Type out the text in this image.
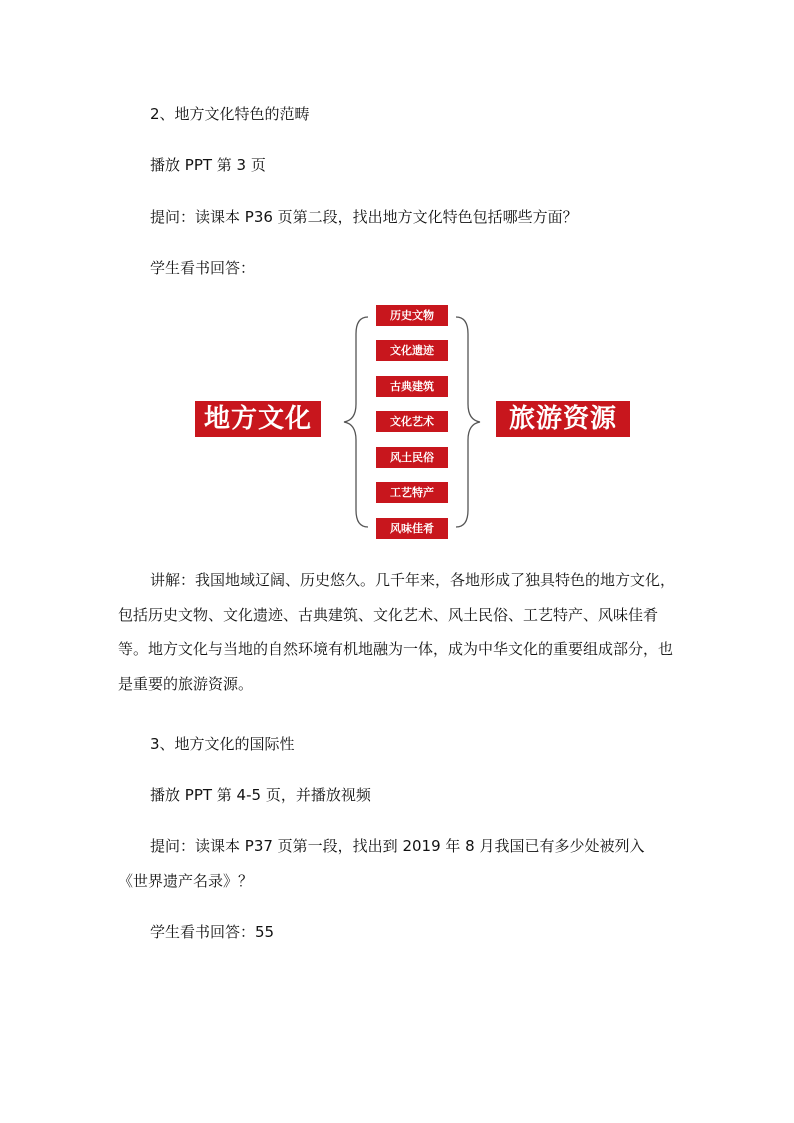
2、地方文化特色的范畴
播放 PPT 第 3 页
提问：读课本 P36 页第二段，找出地方文化特色包括哪些方面？
学生看书回答：
地方文化
历史文物
文化遗迹
古典建筑
文化艺术
风土民俗
工艺特产
风味佳肴
旅游资源
讲解：我国地域辽阔、历史悠久。几千年来，各地形成了独具特色的地方文化，包括历史文物、文化遗迹、古典建筑、文化艺术、风土民俗、工艺特产、风味佳肴等。地方文化与当地的自然环境有机地融为一体，成为中华文化的重要组成部分，也是重要的旅游资源。
3、地方文化的国际性
播放 PPT 第 4-5 页，并播放视频
提问：读课本 P37 页第一段，找出到 2019 年 8 月我国已有多少处被列入
《世界遗产名录》？
学生看书回答：55
